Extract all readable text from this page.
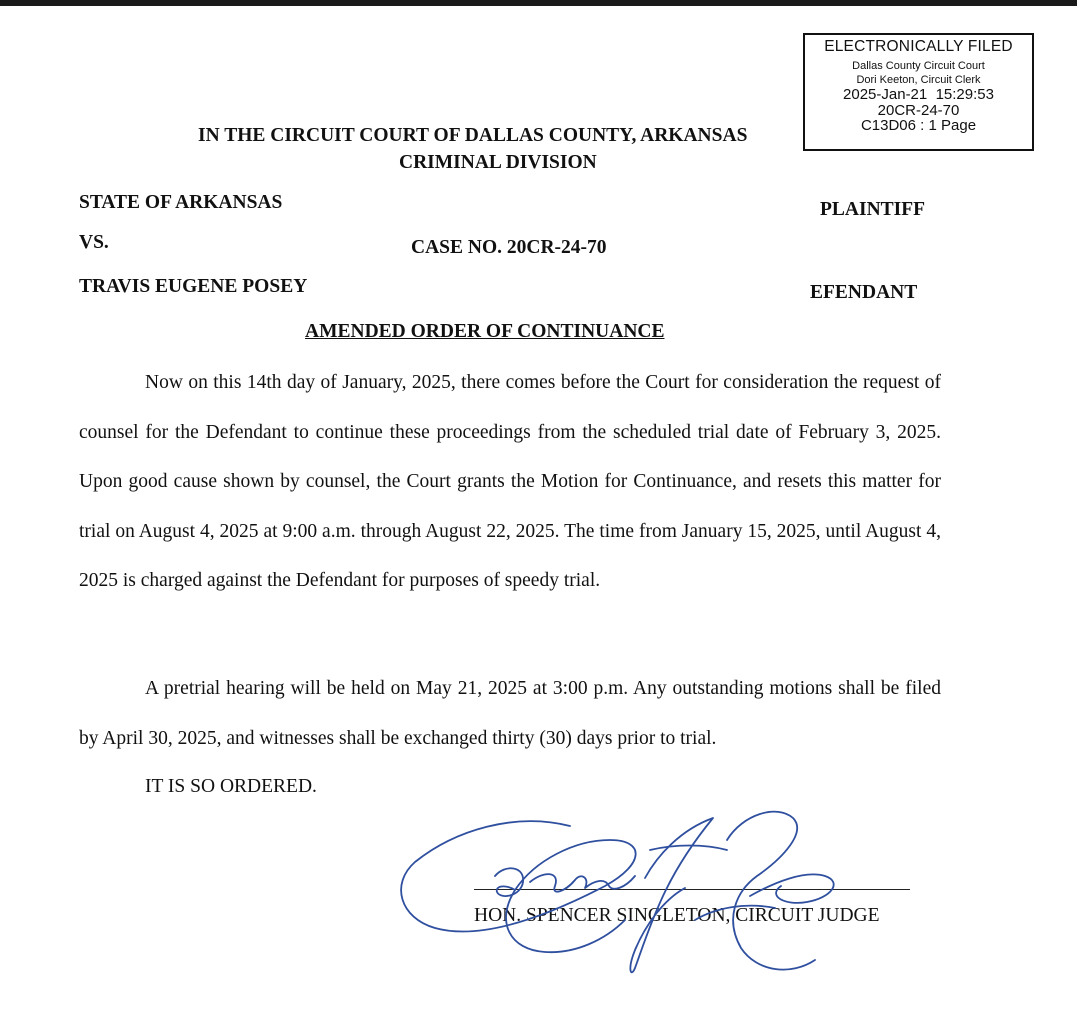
ELECTRONICALLY FILED
Dallas County Circuit Court
Dori Keeton, Circuit Clerk
2025-Jan-21  15:29:53
20CR-24-70
C13D06 : 1 Page
IN THE CIRCUIT COURT OF DALLAS COUNTY, ARKANSAS
CRIMINAL DIVISION
STATE OF ARKANSAS	PLAINTIFF
VS.	CASE NO. 20CR-24-70
TRAVIS EUGENE POSEY	EFENDANT
AMENDED ORDER OF CONTINUANCE
Now on this 14th day of January, 2025, there comes before the Court for consideration the request of counsel for the Defendant to continue these proceedings from the scheduled trial date of February 3, 2025. Upon good cause shown by counsel, the Court grants the Motion for Continuance, and resets this matter for trial on August 4, 2025 at 9:00 a.m. through August 22, 2025. The time from January 15, 2025, until August 4, 2025 is charged against the Defendant for purposes of speedy trial.
A pretrial hearing will be held on May 21, 2025 at 3:00 p.m. Any outstanding motions shall be filed by April 30, 2025, and witnesses shall be exchanged thirty (30) days prior to trial.
IT IS SO ORDERED.
HON. SPENCER SINGLETON, CIRCUIT JUDGE
